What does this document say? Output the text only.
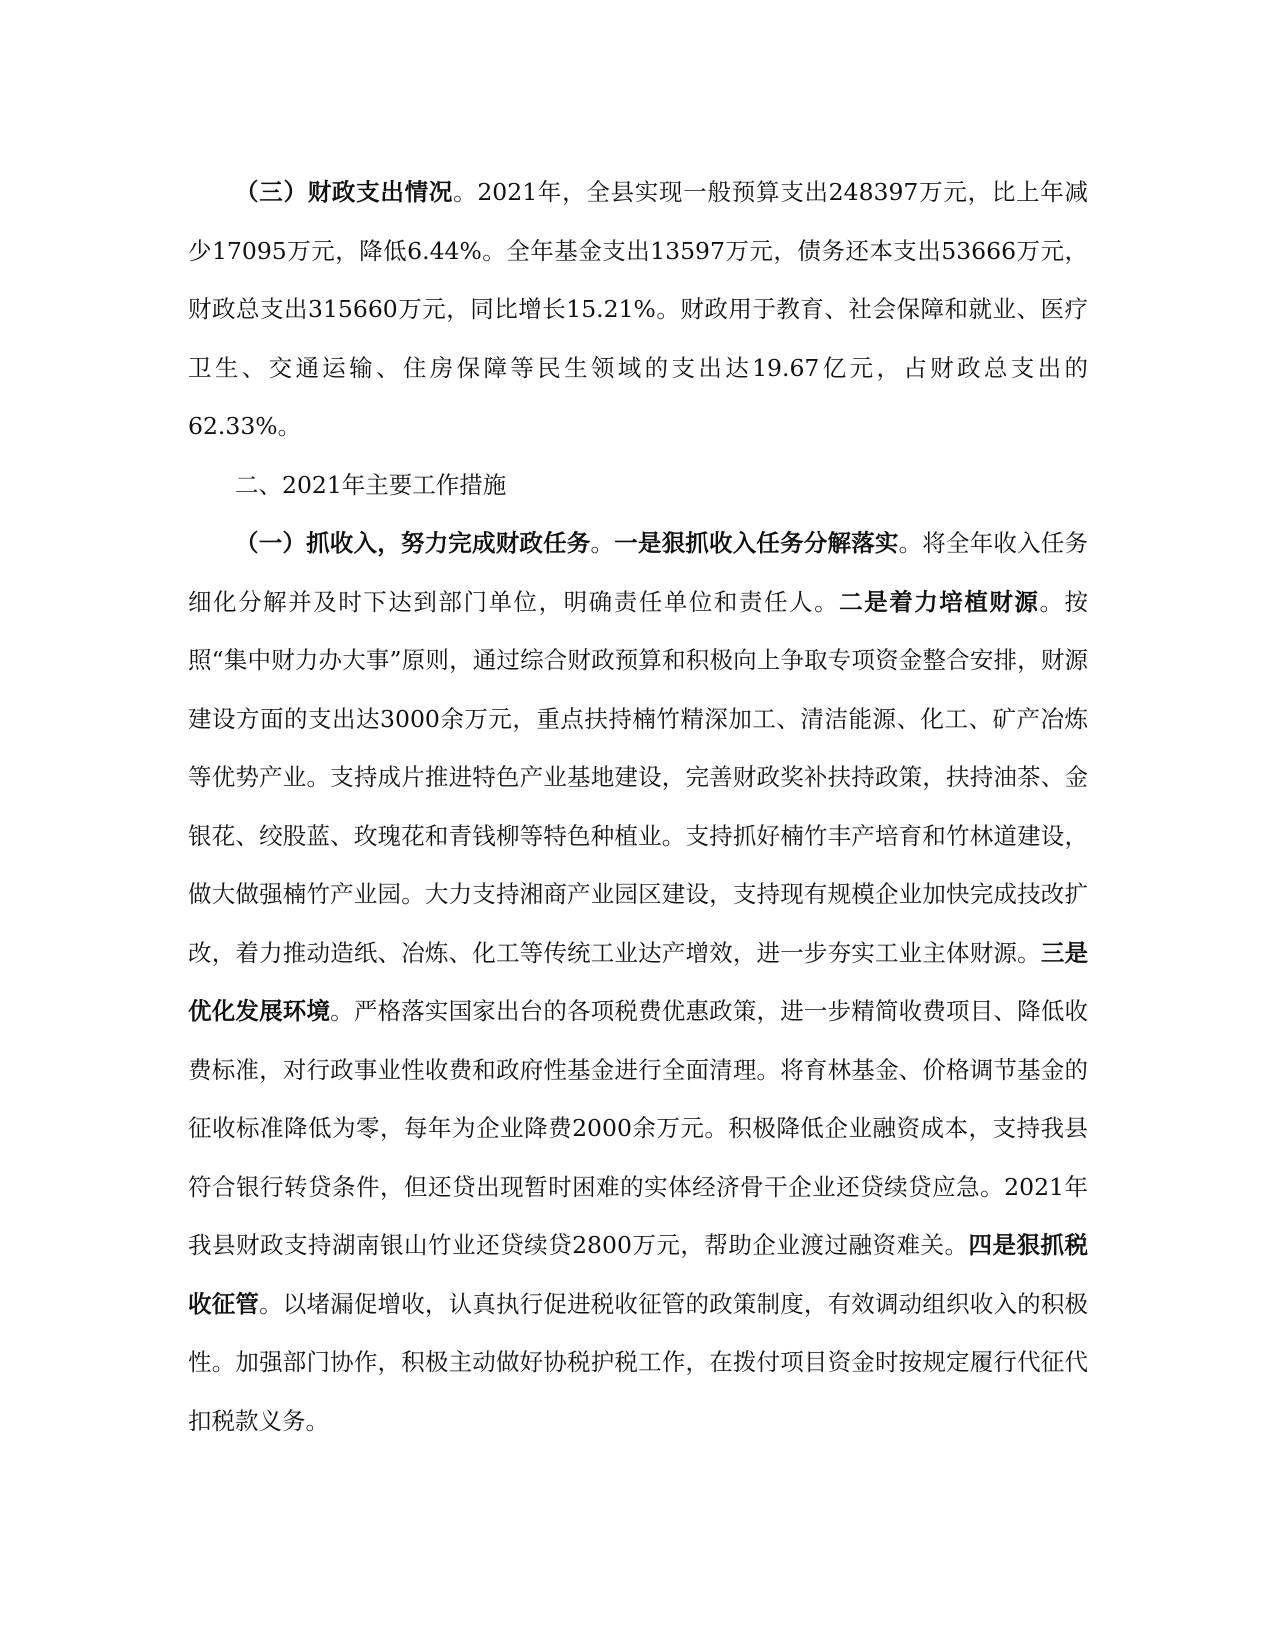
（三）财政支出情况。2021年，全县实现一般预算支出248397万元，比上年减少17095万元，降低6.44%。全年基金支出13597万元，债务还本支出53666万元，财政总支出315660万元，同比增长15.21%。财政用于教育、社会保障和就业、医疗卫生、交通运输、住房保障等民生领域的支出达19.67亿元，占财政总支出的62.33%。

二、2021年主要工作措施

（一）抓收入，努力完成财政任务。一是狠抓收入任务分解落实。将全年收入任务细化分解并及时下达到部门单位，明确责任单位和责任人。二是着力培植财源。按照“集中财力办大事”原则，通过综合财政预算和积极向上争取专项资金整合安排，财源建设方面的支出达3000余万元，重点扶持楠竹精深加工、清洁能源、化工、矿产冶炼等优势产业。支持成片推进特色产业基地建设，完善财政奖补扶持政策，扶持油茶、金银花、绞股蓝、玫瑰花和青钱柳等特色种植业。支持抓好楠竹丰产培育和竹林道建设，做大做强楠竹产业园。大力支持湘商产业园区建设，支持现有规模企业加快完成技改扩改，着力推动造纸、冶炼、化工等传统工业达产增效，进一步夯实工业主体财源。三是优化发展环境。严格落实国家出台的各项税费优惠政策，进一步精简收费项目、降低收费标准，对行政事业性收费和政府性基金进行全面清理。将育林基金、价格调节基金的征收标准降低为零，每年为企业降费2000余万元。积极降低企业融资成本，支持我县符合银行转贷条件，但还贷出现暂时困难的实体经济骨干企业还贷续贷应急。2021年我县财政支持湖南银山竹业还贷续贷2800万元，帮助企业渡过融资难关。四是狠抓税收征管。以堵漏促增收，认真执行促进税收征管的政策制度，有效调动组织收入的积极性。加强部门协作，积极主动做好协税护税工作，在拨付项目资金时按规定履行代征代扣税款义务。
